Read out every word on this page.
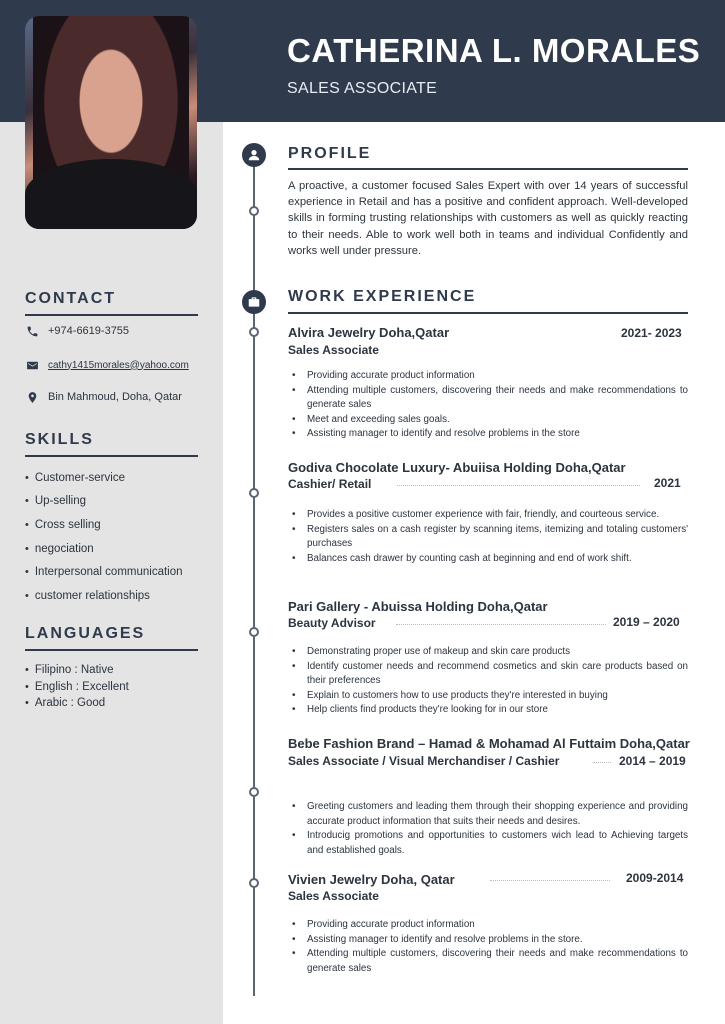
CATHERINA L. MORALES
SALES ASSOCIATE
CONTACT
+974-6619-3755
cathy1415morales@yahoo.com
Bin Mahmoud, Doha, Qatar
SKILLS
• Customer-service
• Up-selling
• Cross selling
• negociation
• Interpersonal communication
• customer relationships
LANGUAGES
• Filipino : Native
• English : Excellent
• Arabic : Good
PROFILE
A proactive, a customer focused Sales Expert with over 14 years of successful experience in Retail and has a positive and confident approach. Well-developed skills in forming trusting relationships with customers as well as quickly reacting to their needs. Able to work well both in teams and individual Confidently and works well under pressure.
WORK EXPERIENCE
Alvira Jewelry Doha,Qatar	2021- 2023
Sales Associate
• Providing accurate product information
• Attending multiple customers, discovering their needs and make recommendations to generate sales
• Meet and exceeding sales goals.
• Assisting manager to identify and resolve problems in the store
Godiva Chocolate Luxury- Abuiisa Holding Doha,Qatar
Cashier/ Retail	2021
• Provides a positive customer experience with fair, friendly, and courteous service.
• Registers sales on a cash register by scanning items, itemizing and totaling customers' purchases
• Balances cash drawer by counting cash at beginning and end of work shift.
Pari Gallery - Abuissa Holding Doha,Qatar
Beauty Advisor	2019 – 2020
• Demonstrating proper use of makeup and skin care products
• Identify customer needs and recommend cosmetics and skin care products based on their preferences
• Explain to customers how to use products they're interested in buying
• Help clients find products they're looking for in our store
Bebe Fashion Brand – Hamad & Mohamad Al Futtaim Doha,Qatar
Sales Associate / Visual Merchandiser / Cashier	2014 – 2019
• Greeting customers and leading them through their shopping experience and providing accurate product information that suits their needs and desires.
• Introducig promotions and opportunities to customers wich lead to Achieving targets and established goals.
Vivien Jewelry Doha, Qatar	2009-2014
Sales Associate
• Providing accurate product information
• Assisting manager to identify and resolve problems in the store.
• Attending multiple customers, discovering their needs and make recommendations to generate sales
